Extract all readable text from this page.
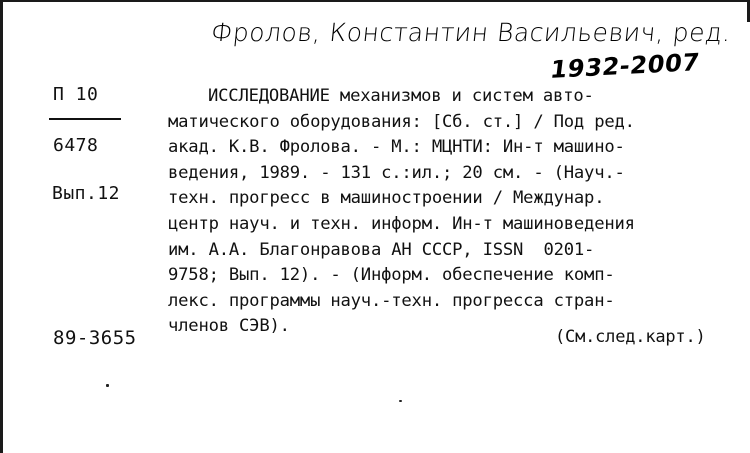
Фролов, Константин Васильевич, ред.
1932-2007
П 10
6478
Вып.12
89-3655
ИССЛЕДОВАНИЕ механизмов и систем авто-
матического оборудования: [Сб. ст.] / Под ред.
акад. К.В. Фролова. - М.: МЦНТИ: Ин-т машино-
ведения, 1989. - 131 с.:ил.; 20 см. - (Науч.-
техн. прогресс в машиностроении / Междунар.
центр науч. и техн. информ. Ин-т машиноведения
им. А.А. Благонравова АН СССР, ISSN  0201-
9758; Вып. 12). - (Информ. обеспечение комп-
лекс. программы науч.-техн. прогресса стран-
членов СЭВ).
(См.след.карт.)
